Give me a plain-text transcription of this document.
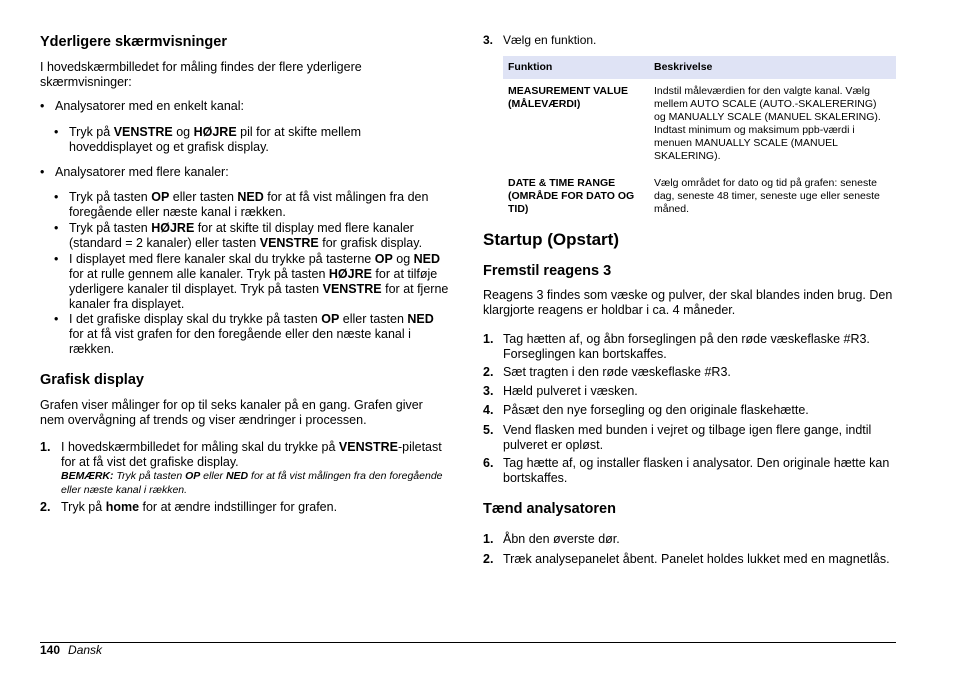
Yderligere skærmvisninger
I hovedskærmbilledet for måling findes der flere yderligere skærmvisninger:
• Analysatorer med en enkelt kanal:
• Tryk på VENSTRE og HØJRE pil for at skifte mellem hoveddisplayet og et grafisk display.
• Analysatorer med flere kanaler:
• Tryk på tasten OP eller tasten NED for at få vist målingen fra den foregående eller næste kanal i rækken.
• Tryk på tasten HØJRE for at skifte til display med flere kanaler (standard = 2 kanaler) eller tasten VENSTRE for grafisk display.
• I displayet med flere kanaler skal du trykke på tasterne OP og NED for at rulle gennem alle kanaler. Tryk på tasten HØJRE for at tilføje yderligere kanaler til displayet. Tryk på tasten VENSTRE for at fjerne kanaler fra displayet.
• I det grafiske display skal du trykke på tasten OP eller tasten NED for at få vist grafen for den foregående eller den næste kanal i rækken.
Grafisk display
Grafen viser målinger for op til seks kanaler på en gang. Grafen giver nem overvågning af trends og viser ændringer i processen.
1. I hovedskærmbilledet for måling skal du trykke på VENSTRE-piletast for at få vist det grafiske display.
BEMÆRK: Tryk på tasten OP eller NED for at få vist målingen fra den foregående eller næste kanal i rækken.
2. Tryk på home for at ændre indstillinger for grafen.
3. Vælg en funktion.
Funktion	Beskrivelse
MEASUREMENT VALUE (MÅLEVÆRDI)	Indstil måleværdien for den valgte kanal. Vælg mellem AUTO SCALE (AUTO.-SKALERERING) og MANUALLY SCALE (MANUEL SKALERING). Indtast minimum og maksimum ppb-værdi i menuen MANUALLY SCALE (MANUEL SKALERING).
DATE & TIME RANGE (OMRÅDE FOR DATO OG TID)	Vælg området for dato og tid på grafen: seneste dag, seneste 48 timer, seneste uge eller seneste måned.
Startup (Opstart)
Fremstil reagens 3
Reagens 3 findes som væske og pulver, der skal blandes inden brug. Den klargjorte reagens er holdbar i ca. 4 måneder.
1. Tag hætten af, og åbn forseglingen på den røde væskeflaske #R3. Forseglingen kan bortskaffes.
2. Sæt tragten i den røde væskeflaske #R3.
3. Hæld pulveret i væsken.
4. Påsæt den nye forsegling og den originale flaskehætte.
5. Vend flasken med bunden i vejret og tilbage igen flere gange, indtil pulveret er opløst.
6. Tag hætte af, og installer flasken i analysator. Den originale hætte kan bortskaffes.
Tænd analysatoren
1. Åbn den øverste dør.
2. Træk analysepanelet åbent. Panelet holdes lukket med en magnetlås.
140 Dansk
